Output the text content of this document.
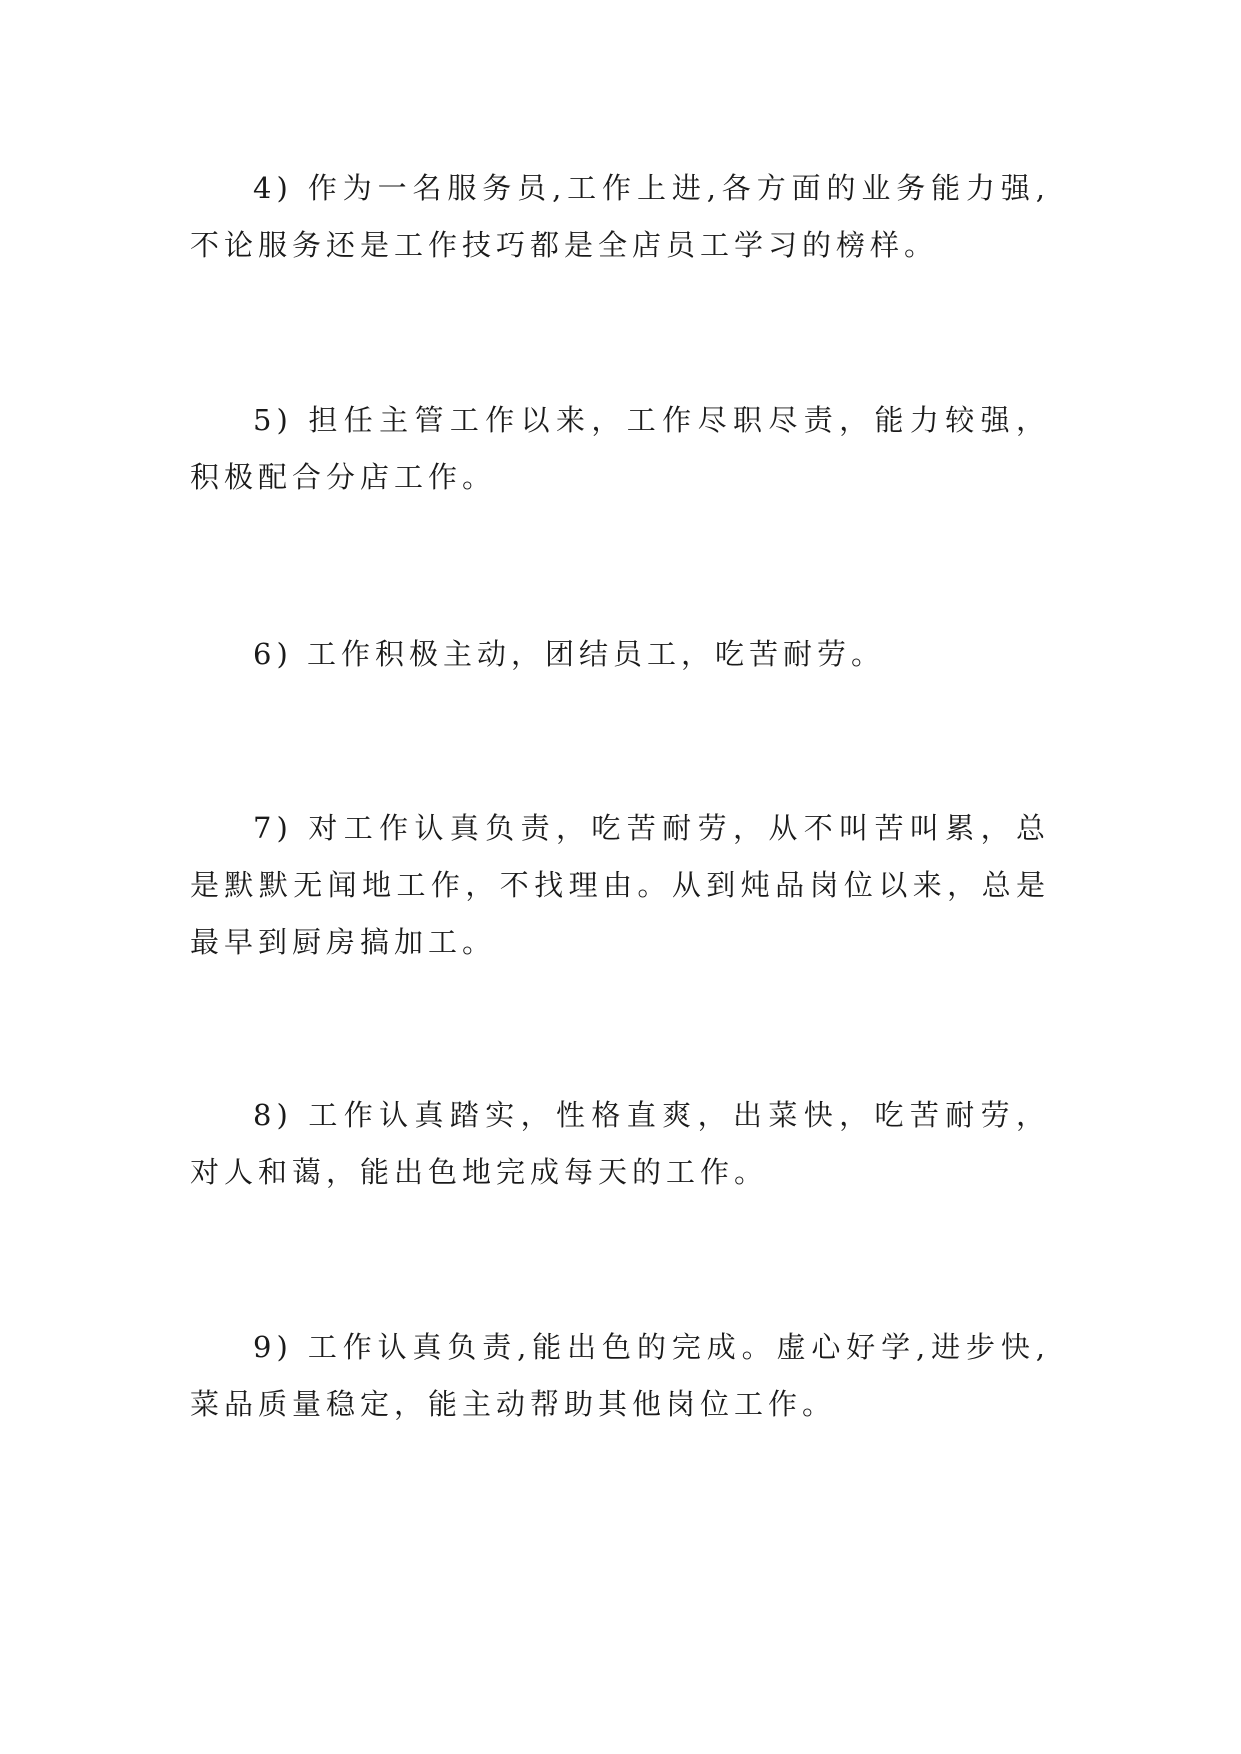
4) 作为一名服务员,工作上进,各方面的业务能力强,不论服务还是工作技巧都是全店员工学习的榜样。

5) 担任主管工作以来，工作尽职尽责，能力较强，积极配合分店工作。

6) 工作积极主动，团结员工，吃苦耐劳。

7) 对工作认真负责，吃苦耐劳，从不叫苦叫累，总是默默无闻地工作，不找理由。从到炖品岗位以来，总是最早到厨房搞加工。

8) 工作认真踏实，性格直爽，出菜快，吃苦耐劳，对人和蔼，能出色地完成每天的工作。

9) 工作认真负责,能出色的完成。虚心好学,进步快,菜品质量稳定，能主动帮助其他岗位工作。
